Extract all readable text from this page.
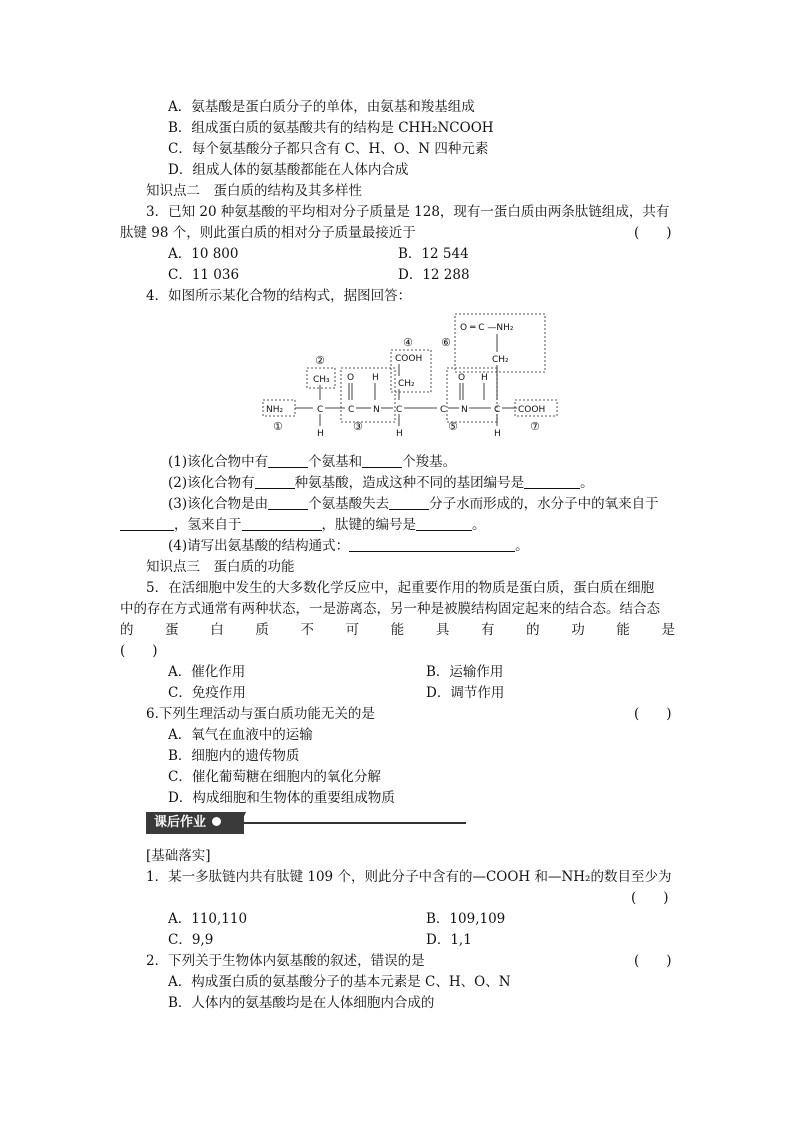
A．氨基酸是蛋白质分子的单体，由氨基和羧基组成
B．组成蛋白质的氨基酸共有的结构是 CHH₂NCOOH
C．每个氨基酸分子都只含有 C、H、O、N 四种元素
D．组成人体的氨基酸都能在人体内合成
知识点二　蛋白质的结构及其多样性
3．已知 20 种氨基酸的平均相对分子质量是 128，现有一蛋白质由两条肽链组成，共有
肽键 98 个，则此蛋白质的相对分子质量最接近于	(　　)
A．10 800	B．12 544
C．11 036	D．12 288
4．如图所示某化合物的结构式，据图回答：
NH₂
CH₃
COOH
CH₂
COOH
O ═ C —NH₂
CH₂
C	C N C	C N	C
O H	O H
H	H	H
①
②
③
④
⑤
⑥
⑦
(1)该化合物中有	个氨基和	个羧基。
(2)该化合物有	种氨基酸，造成这种不同的基团编号是	。
(3)该化合物是由	个氨基酸失去	分子水而形成的，水分子中的氧来自于
，氢来自于	，肽键的编号是	。
(4)请写出氨基酸的结构通式：	。
知识点三　蛋白质的功能
5．在活细胞中发生的大多数化学反应中，起重要作用的物质是蛋白质，蛋白质在细胞
中的存在方式通常有两种状态，一是游离态，另一种是被膜结构固定起来的结合态。结合态
的 蛋 白 质 不 可 能 具 有 的 功 能 是
(　　)
A．催化作用	B．运输作用
C．免疫作用	D．调节作用
6.下列生理活动与蛋白质功能无关的是	(　　)
A．氧气在血液中的运输
B．细胞内的遗传物质
C．催化葡萄糖在细胞内的氧化分解
D．构成细胞和生物体的重要组成物质
课后作业
[基础落实]
1．某一多肽链内共有肽键 109 个，则此分子中含有的—COOH 和—NH₂的数目至少为
(　　)
A．110,110	B．109,109
C．9,9	D．1,1
2．下列关于生物体内氨基酸的叙述，错误的是	(　　)
A．构成蛋白质的氨基酸分子的基本元素是 C、H、O、N
B．人体内的氨基酸均是在人体细胞内合成的
